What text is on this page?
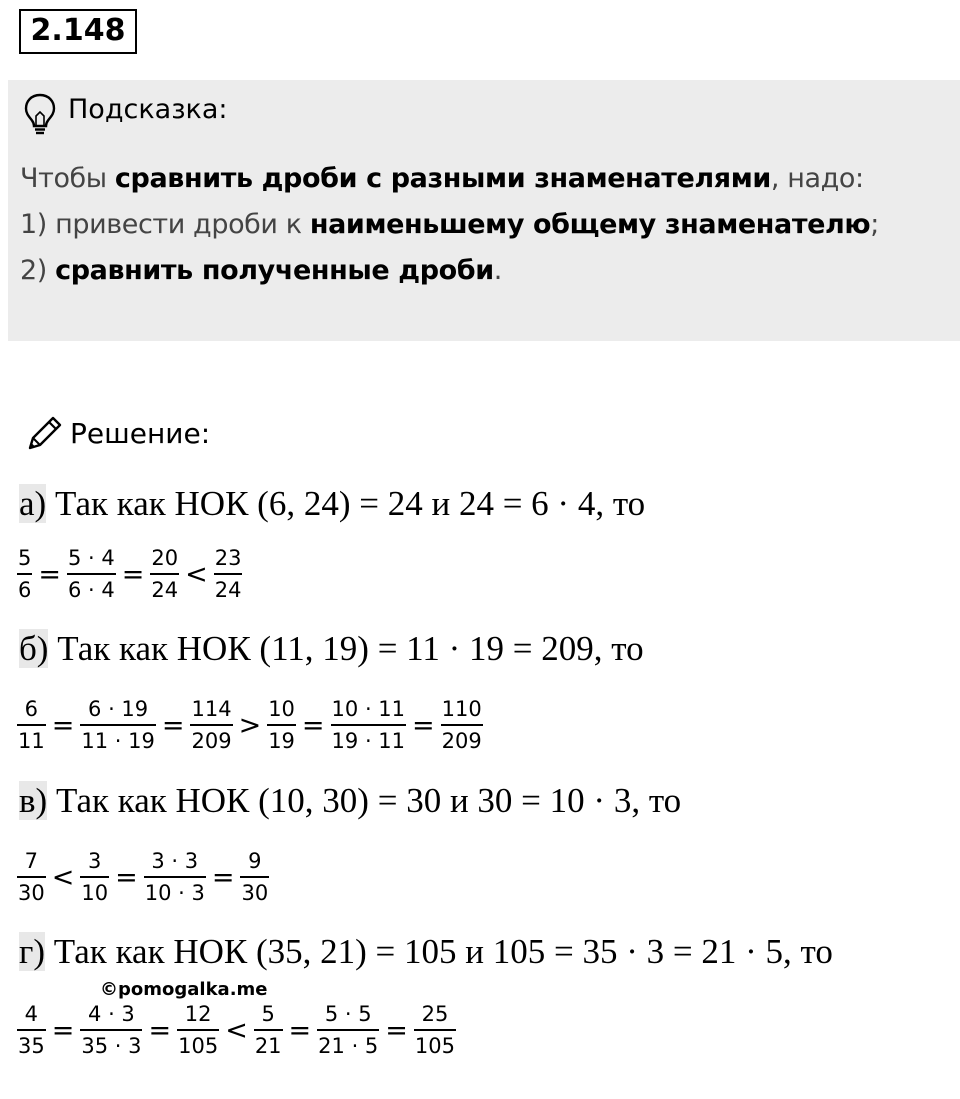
2.148
Подсказка:
Чтобы сравнить дроби с разными знаменателями, надо:
1) привести дроби к наименьшему общему знаменателю;
2) сравнить полученные дроби.
Решение:
а) Так как НОК (6, 24) = 24 и 24 = 6 · 4, то
$\frac{5}{6} = \frac{5 \cdot 4}{6 \cdot 4} = \frac{20}{24} < \frac{23}{24}$
б) Так как НОК (11, 19) = 11 · 19 = 209, то
$\frac{6}{11} = \frac{6 \cdot 19}{11 \cdot 19} = \frac{114}{209} > \frac{10}{19} = \frac{10 \cdot 11}{19 \cdot 11} = \frac{110}{209}$
в) Так как НОК (10, 30) = 30 и 30 = 10 · 3, то
$\frac{7}{30} < \frac{3}{10} = \frac{3 \cdot 3}{10 \cdot 3} = \frac{9}{30}$
г) Так как НОК (35, 21) = 105 и 105 = 35 · 3 = 21 · 5, то
$\frac{4}{35} = \frac{4 \cdot 3}{35 \cdot 3} = \frac{12}{105} < \frac{5}{21} = \frac{5 \cdot 5}{21 \cdot 5} = \frac{25}{105}$
©pomogalka.me
